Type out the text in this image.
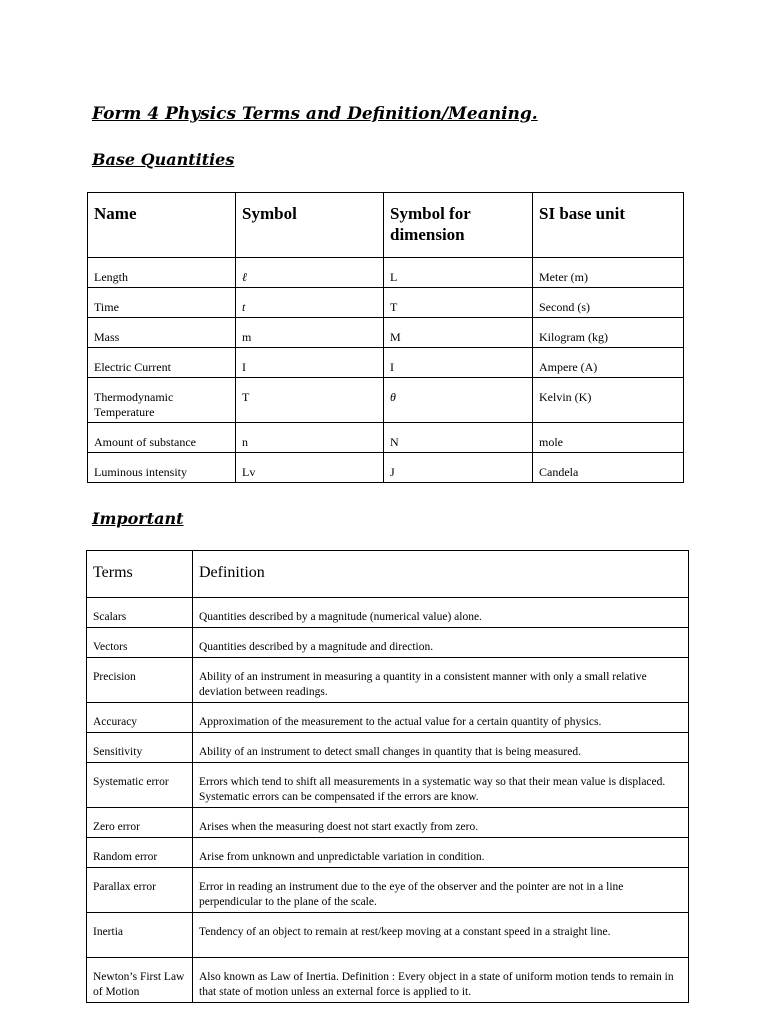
Form 4 Physics Terms and Definition/Meaning.
Base Quantities
Name	Symbol	Symbol for dimension	SI base unit
Length	ℓ	L	Meter (m)
Time	t	T	Second (s)
Mass	m	M	Kilogram (kg)
Electric Current	I	I	Ampere (A)
Thermodynamic Temperature	T	θ	Kelvin (K)
Amount of substance	n	N	mole
Luminous intensity	Lv	J	Candela
Important
Terms	Definition
Scalars	Quantities described by a magnitude (numerical value) alone.
Vectors	Quantities described by a magnitude and direction.
Precision	Ability of an instrument in measuring a quantity in a consistent manner with only a small relative deviation between readings.
Accuracy	Approximation of the measurement to the actual value for a certain quantity of physics.
Sensitivity	Ability of an instrument to detect small changes in quantity that is being measured.
Systematic error	Errors which tend to shift all measurements in a systematic way so that their mean value is displaced. Systematic errors can be compensated if the errors are know.
Zero error	Arises when the measuring doest not start exactly from zero.
Random error	Arise from unknown and unpredictable variation in condition.
Parallax error	Error in reading an instrument due to the eye of the observer and the pointer are not in a line perpendicular to the plane of the scale.
Inertia	Tendency of an object to remain at rest/keep moving at a constant speed in a straight line.
Newton’s First Law of Motion	Also known as Law of Inertia. Definition : Every object in a state of uniform motion tends to remain in that state of motion unless an external force is applied to it.
